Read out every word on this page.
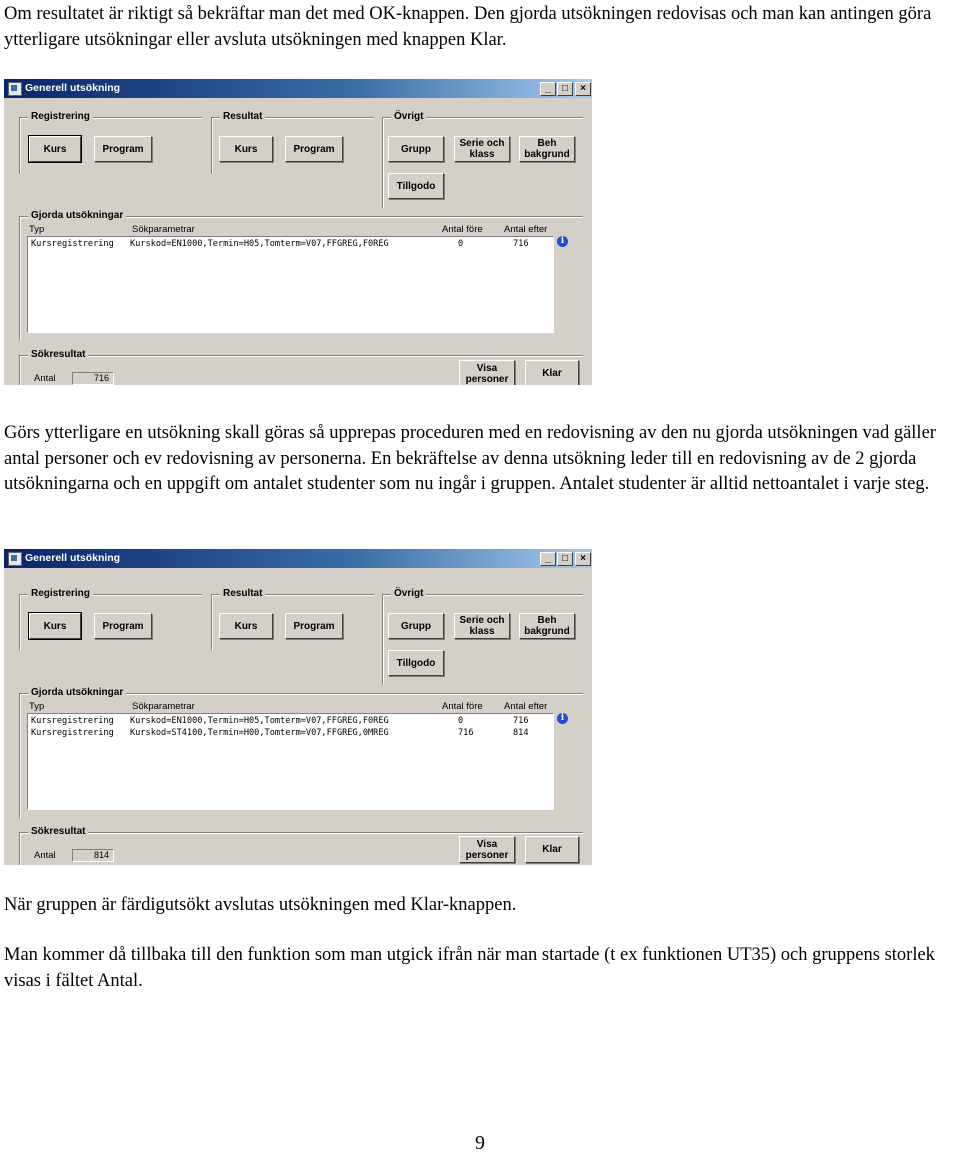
Om resultatet är riktigt så bekräftar man det med OK-knappen. Den gjorda utsökningen redovisas och man kan antingen göra ytterligare utsökningar eller avsluta utsökningen med knappen Klar.

Generell utsökning	_	□	×
Registrering
Kurs	Program
Resultat
Kurs	Program
Övrigt
Grupp	Serie och klass
Beh bakgrund
Tillgodo
Gjorda utsökningar
Typ	Sökparametrar	Antal före Antal efter
Kursregistrering Kurskod=EN1000,Termin=H05,Tomterm=V07,FFGREG,F0REG	0	716	i
Sökresultat
Antal	716
Visa personer	Klar

Görs ytterligare en utsökning skall göras så upprepas proceduren med en redovisning av den nu gjorda utsökningen vad gäller antal personer och ev redovisning av personerna. En bekräftelse av denna utsökning leder till en redovisning av de 2 gjorda utsökningarna och en uppgift om antalet studenter som nu ingår i gruppen. Antalet studenter är alltid nettoantalet i varje steg.

Generell utsökning	_	□	×
Registrering
Kurs	Program
Resultat
Kurs	Program
Övrigt
Grupp	Serie och klass
Beh bakgrund
Tillgodo
Gjorda utsökningar
Typ	Sökparametrar	Antal före Antal efter
Kursregistrering Kurskod=EN1000,Termin=H05,Tomterm=V07,FFGREG,F0REG	0	716
Kursregistrering Kurskod=ST4100,Termin=H00,Tomterm=V07,FFGREG,0MREG	716	814
i
Sökresultat
Antal	814
Visa personer	Klar

När gruppen är färdigutsökt avslutas utsökningen med Klar-knappen.

Man kommer då tillbaka till den funktion som man utgick ifrån när man startade (t ex funktionen UT35) och gruppens storlek visas i fältet Antal.

9
